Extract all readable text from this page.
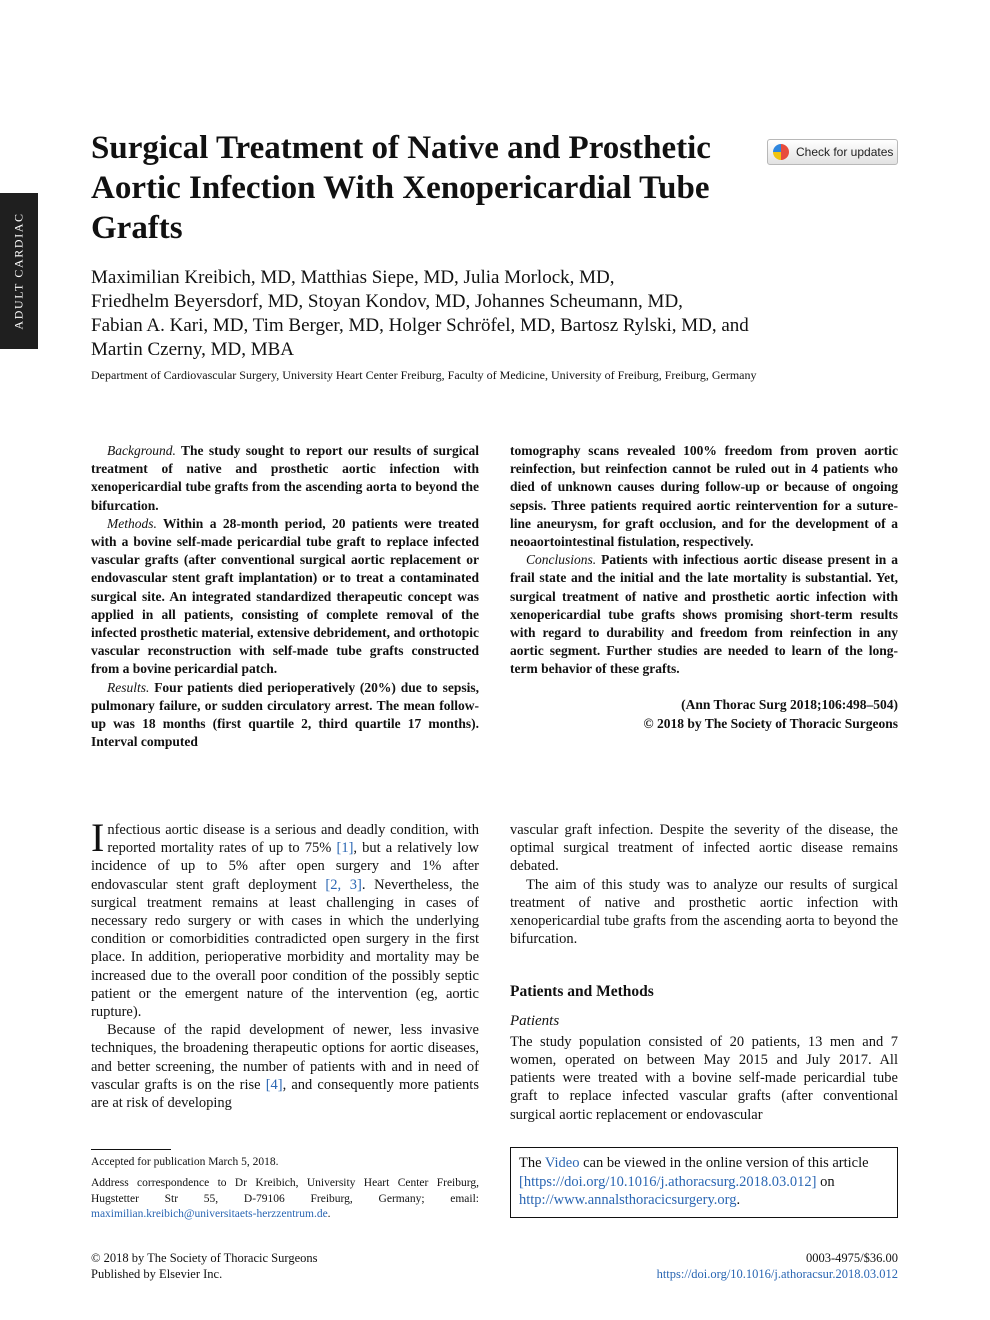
ADULT CARDIAC
Surgical Treatment of Native and Prosthetic Aortic Infection With Xenopericardial Tube Grafts
Check for updates

Maximilian Kreibich, MD, Matthias Siepe, MD, Julia Morlock, MD,
Friedhelm Beyersdorf, MD, Stoyan Kondov, MD, Johannes Scheumann, MD,
Fabian A. Kari, MD, Tim Berger, MD, Holger Schröfel, MD, Bartosz Rylski, MD, and
Martin Czerny, MD, MBA

Department of Cardiovascular Surgery, University Heart Center Freiburg, Faculty of Medicine, University of Freiburg, Freiburg, Germany

Background. The study sought to report our results of surgical treatment of native and prosthetic aortic infection with xenopericardial tube grafts from the ascending aorta to beyond the bifurcation.

Methods. Within a 28-month period, 20 patients were treated with a bovine self-made pericardial tube graft to replace infected vascular grafts (after conventional surgical aortic replacement or endovascular stent graft implantation) or to treat a contaminated surgical site. An integrated standardized therapeutic concept was applied in all patients, consisting of complete removal of the infected prosthetic material, extensive debridement, and orthotopic vascular reconstruction with self-made tube grafts constructed from a bovine pericardial patch.

Results. Four patients died perioperatively (20%) due to sepsis, pulmonary failure, or sudden circulatory arrest. The mean follow-up was 18 months (first quartile 2, third quartile 17 months). Interval computed

tomography scans revealed 100% freedom from proven aortic reinfection, but reinfection cannot be ruled out in 4 patients who died of unknown causes during follow-up or because of ongoing sepsis. Three patients required aortic reintervention for a suture-line aneurysm, for graft occlusion, and for the development of a neoaortointestinal fistulation, respectively.

Conclusions. Patients with infectious aortic disease present in a frail state and the initial and the late mortality is substantial. Yet, surgical treatment of native and prosthetic aortic infection with xenopericardial tube grafts shows promising short-term results with regard to durability and freedom from reinfection in any aortic segment. Further studies are needed to learn of the long-term behavior of these grafts.

(Ann Thorac Surg 2018;106:498–504)

© 2018 by The Society of Thoracic Surgeons

Infectious aortic disease is a serious and deadly condition, with reported mortality rates of up to 75% [1], but a relatively low incidence of up to 5% after open surgery and 1% after endovascular stent graft deployment [2, 3]. Nevertheless, the surgical treatment remains at least challenging in cases of necessary redo surgery or with cases in which the underlying condition or comorbidities contradicted open surgery in the first place. In addition, perioperative morbidity and mortality may be increased due to the overall poor condition of the possibly septic patient or the emergent nature of the intervention (eg, aortic rupture).

Because of the rapid development of newer, less invasive techniques, the broadening therapeutic options for aortic diseases, and better screening, the number of patients with and in need of vascular grafts is on the rise [4], and consequently more patients are at risk of developing

vascular graft infection. Despite the severity of the disease, the optimal surgical treatment of infected aortic disease remains debated.

The aim of this study was to analyze our results of surgical treatment of native and prosthetic aortic infection with xenopericardial tube grafts from the ascending aorta to beyond the bifurcation.

Patients and Methods
Patients

The study population consisted of 20 patients, 13 men and 7 women, operated on between May 2015 and July 2017. All patients were treated with a bovine self-made pericardial tube graft to replace infected vascular grafts (after conventional surgical aortic replacement or endovascular

Accepted for publication March 5, 2018.

Address correspondence to Dr Kreibich, University Heart Center Freiburg, Hugstetter Str 55, D-79106 Freiburg, Germany; email: maximilian.kreibich@universitaets-herzzentrum.de.

The Video can be viewed in the online version of this article [https://doi.org/10.1016/j.athoracsurg.2018.03.012] on http://www.annalsthoracicsurgery.org.
© 2018 by The Society of Thoracic Surgeons
Published by Elsevier Inc.
0003-4975/$36.00
https://doi.org/10.1016/j.athoracsur.2018.03.012
